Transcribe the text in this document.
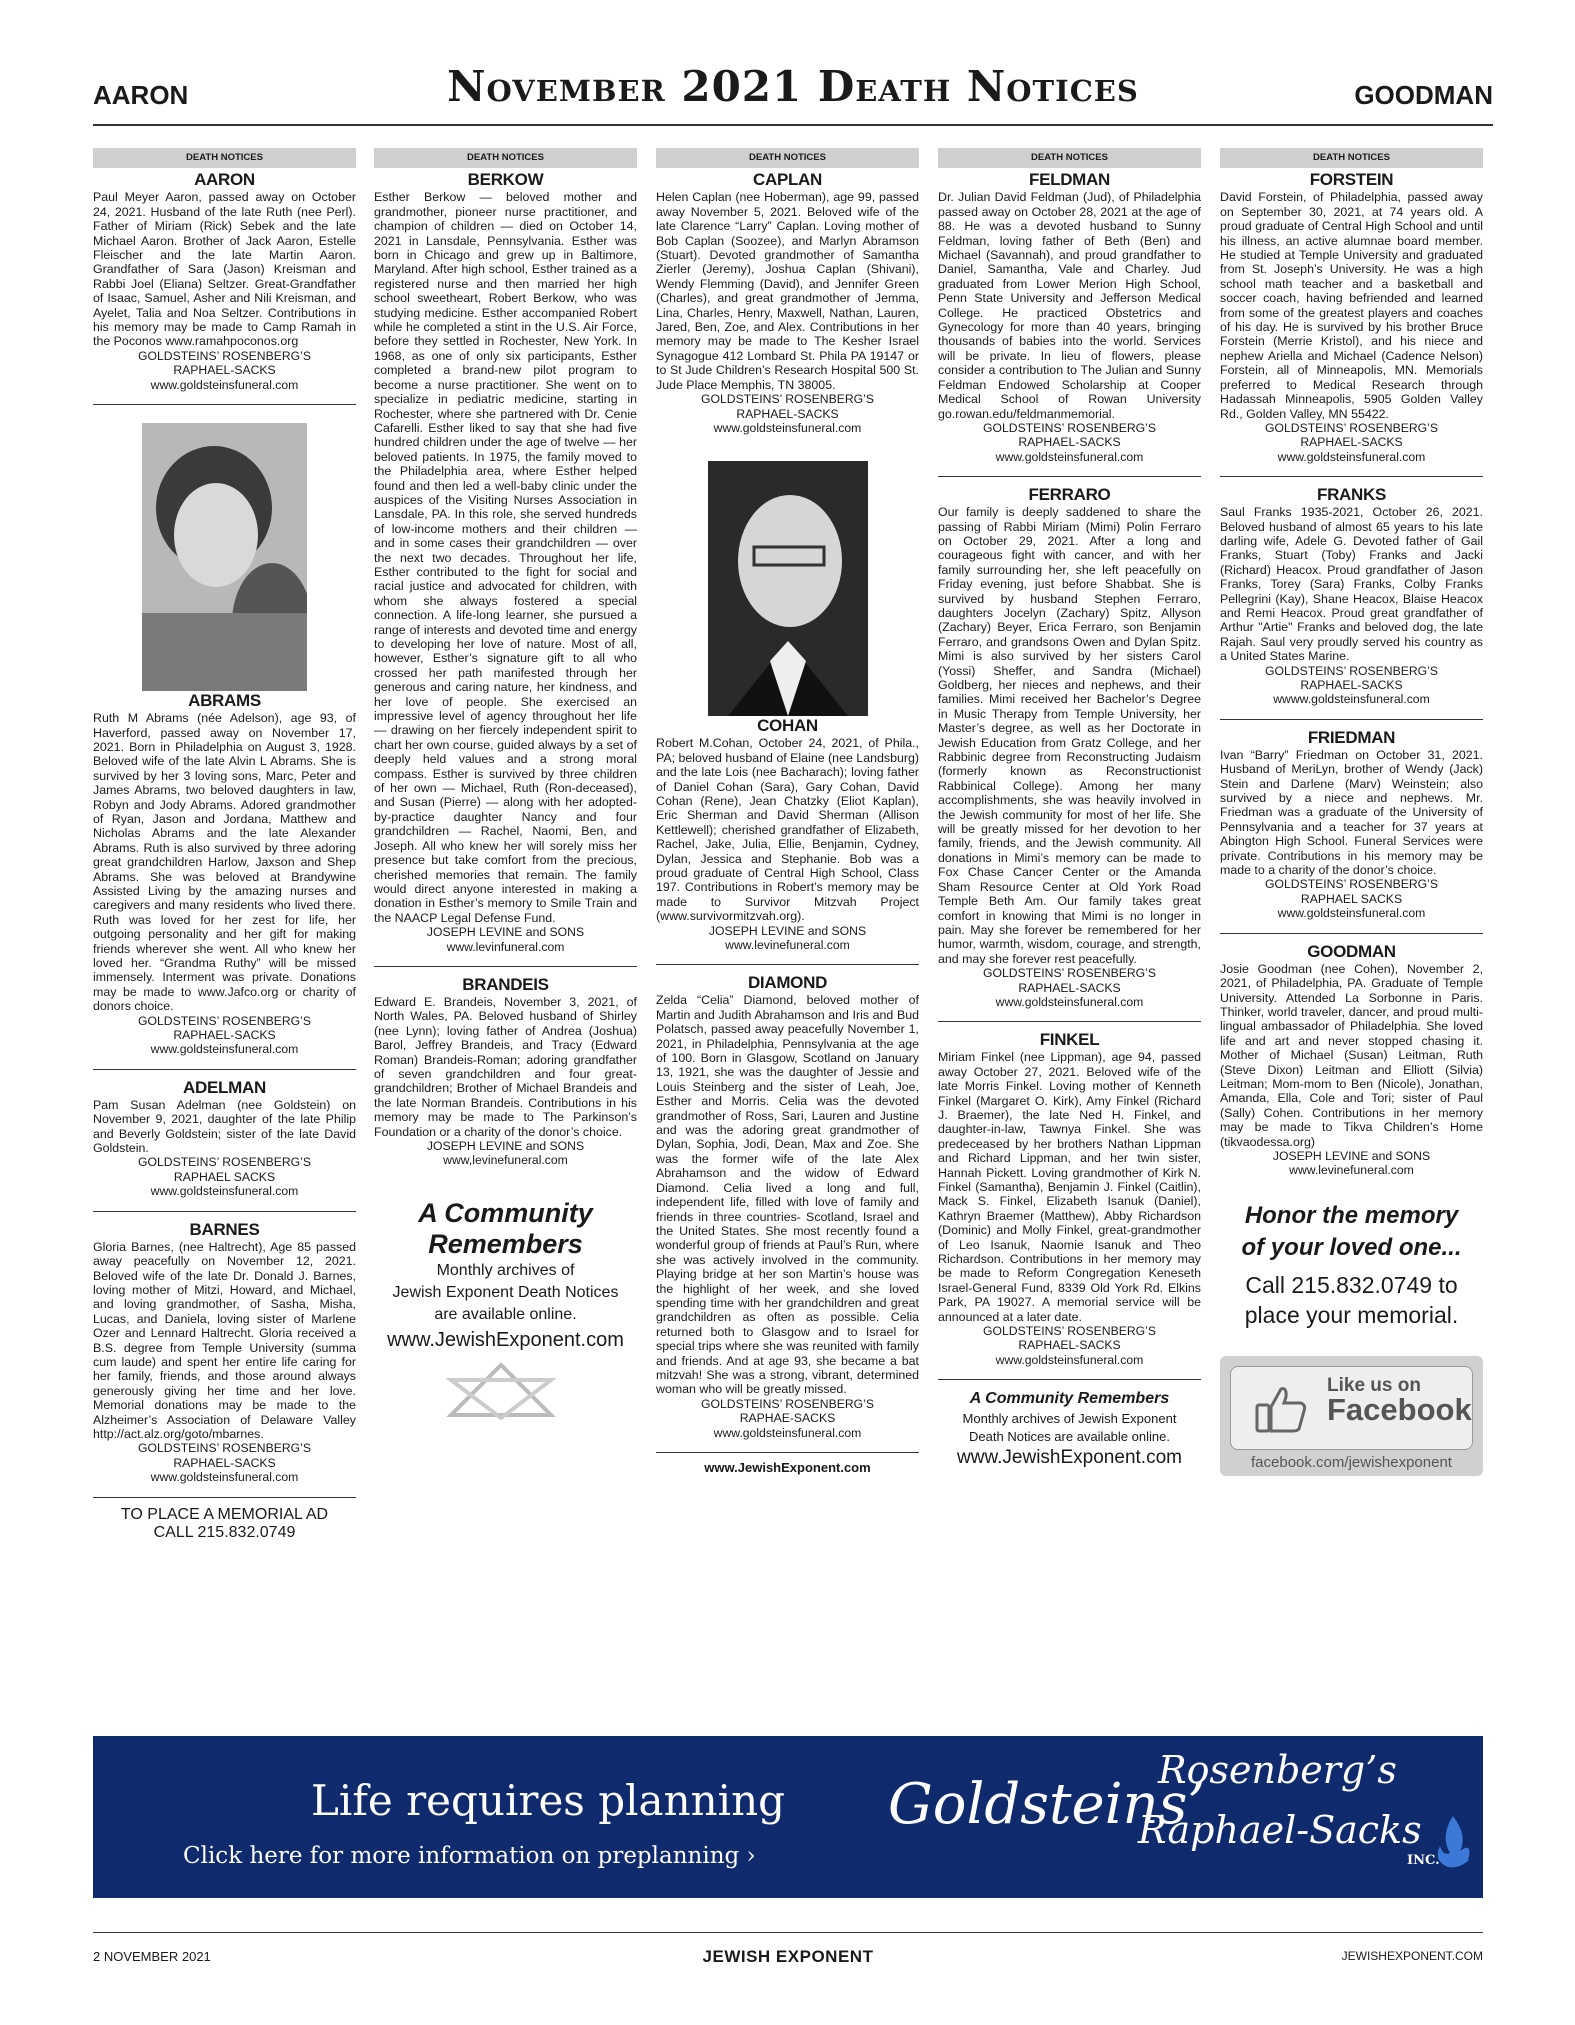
AARON	November 2021 Death Notices	GOODMAN
DEATH NOTICES
AARON
Paul Meyer Aaron, passed away on October 24, 2021. Husband of the late Ruth (nee Perl). Father of Miriam (Rick) Sebek and the late Michael Aaron. Brother of Jack Aaron, Estelle Fleischer and the late Martin Aaron. Grandfather of Sara (Jason) Kreisman and Rabbi Joel (Eliana) Seltzer. Great-Grandfather of Isaac, Samuel, Asher and Nili Kreisman, and Ayelet, Talia and Noa Seltzer. Contributions in his memory may be made to Camp Ramah in the Poconos www.ramahpoconos.org
GOLDSTEINS’ ROSENBERG’S
RAPHAEL-SACKS
www.goldsteinsfuneral.com
ABRAMS
Ruth M Abrams (née Adelson), age 93, of Haverford, passed away on November 17, 2021. Born in Philadelphia on August 3, 1928. Beloved wife of the late Alvin L Abrams. She is survived by her 3 loving sons, Marc, Peter and James Abrams, two beloved daughters in law, Robyn and Jody Abrams. Adored grandmother of Ryan, Jason and Jordana, Matthew and Nicholas Abrams and the late Alexander Abrams. Ruth is also survived by three adoring great grandchildren Harlow, Jaxson and Shep Abrams. She was beloved at Brandywine Assisted Living by the amazing nurses and caregivers and many residents who lived there. Ruth was loved for her zest for life, her outgoing personality and her gift for making friends wherever she went. All who knew her loved her. “Grandma Ruthy” will be missed immensely. Interment was private. Donations may be made to www.Jafco.org or charity of donors choice.
GOLDSTEINS’ ROSENBERG’S
RAPHAEL-SACKS
www.goldsteinsfuneral.com
ADELMAN
Pam Susan Adelman (nee Goldstein) on November 9, 2021, daughter of the late Philip and Beverly Goldstein; sister of the late David Goldstein.
GOLDSTEINS’ ROSENBERG’S
RAPHAEL SACKS
www.goldsteinsfuneral.com
BARNES
Gloria Barnes, (nee Haltrecht), Age 85 passed away peacefully on November 12, 2021. Beloved wife of the late Dr. Donald J. Barnes, loving mother of Mitzi, Howard, and Michael, and loving grandmother, of Sasha, Misha, Lucas, and Daniela, loving sister of Marlene Ozer and Lennard Haltrecht. Gloria received a B.S. degree from Temple University (summa cum laude) and spent her entire life caring for her family, friends, and those around always generously giving her time and her love. Memorial donations may be made to the Alzheimer’s Association of Delaware Valley http://act.alz.org/goto/mbarnes.
GOLDSTEINS’ ROSENBERG’S
RAPHAEL-SACKS
www.goldsteinsfuneral.com
TO PLACE A MEMORIAL AD
CALL 215.832.0749
DEATH NOTICES
BERKOW
Esther Berkow — beloved mother and grandmother, pioneer nurse practitioner, and champion of children — died on October 14, 2021 in Lansdale, Pennsylvania. Esther was born in Chicago and grew up in Baltimore, Maryland. After high school, Esther trained as a registered nurse and then married her high school sweetheart, Robert Berkow, who was studying medicine. Esther accompanied Robert while he completed a stint in the U.S. Air Force, before they settled in Rochester, New York. In 1968, as one of only six participants, Esther completed a brand-new pilot program to become a nurse practitioner. She went on to specialize in pediatric medicine, starting in Rochester, where she partnered with Dr. Cenie Cafarelli. Esther liked to say that she had five hundred children under the age of twelve — her beloved patients. In 1975, the family moved to the Philadelphia area, where Esther helped found and then led a well-baby clinic under the auspices of the Visiting Nurses Association in Lansdale, PA. In this role, she served hundreds of low-income mothers and their children — and in some cases their grandchildren — over the next two decades. Throughout her life, Esther contributed to the fight for social and racial justice and advocated for children, with whom she always fostered a special connection. A life-long learner, she pursued a range of interests and devoted time and energy to developing her love of nature. Most of all, however, Esther’s signature gift to all who crossed her path manifested through her generous and caring nature, her kindness, and her love of people. She exercised an impressive level of agency throughout her life — drawing on her fiercely independent spirit to chart her own course, guided always by a set of deeply held values and a strong moral compass. Esther is survived by three children of her own — Michael, Ruth (Ron-deceased), and Susan (Pierre) — along with her adopted-by-practice daughter Nancy and four grandchildren — Rachel, Naomi, Ben, and Joseph. All who knew her will sorely miss her presence but take comfort from the precious, cherished memories that remain. The family would direct anyone interested in making a donation in Esther’s memory to Smile Train and the NAACP Legal Defense Fund.
JOSEPH LEVINE and SONS
www.levinfuneral.com
BRANDEIS
Edward E. Brandeis, November 3, 2021, of North Wales, PA. Beloved husband of Shirley (nee Lynn); loving father of Andrea (Joshua) Barol, Jeffrey Brandeis, and Tracy (Edward Roman) Brandeis-Roman; adoring grandfather of seven grandchildren and four great-grandchildren; Brother of Michael Brandeis and the late Norman Brandeis. Contributions in his memory may be made to The Parkinson’s Foundation or a charity of the donor’s choice.
JOSEPH LEVINE and SONS
www,levinefuneral.com
A Community
Remembers
Monthly archives of
Jewish Exponent Death Notices
are available online.
www.JewishExponent.com
DEATH NOTICES
CAPLAN
Helen Caplan (nee Hoberman), age 99, passed away November 5, 2021. Beloved wife of the late Clarence “Larry” Caplan. Loving mother of Bob Caplan (Soozee), and Marlyn Abramson (Stuart). Devoted grandmother of Samantha Zierler (Jeremy), Joshua Caplan (Shivani), Wendy Flemming (David), and Jennifer Green (Charles), and great grandmother of Jemma, Lina, Charles, Henry, Maxwell, Nathan, Lauren, Jared, Ben, Zoe, and Alex. Contributions in her memory may be made to The Kesher Israel Synagogue 412 Lombard St. Phila PA 19147 or to St Jude Children’s Research Hospital 500 St. Jude Place Memphis, TN 38005.
GOLDSTEINS’ ROSENBERG’S
RAPHAEL-SACKS
www.goldsteinsfuneral.com
COHAN
Robert M.Cohan, October 24, 2021, of Phila., PA; beloved husband of Elaine (nee Landsburg) and the late Lois (nee Bacharach); loving father of Daniel Cohan (Sara), Gary Cohan, David Cohan (Rene), Jean Chatzky (Eliot Kaplan), Eric Sherman and David Sherman (Allison Kettlewell); cherished grandfather of Elizabeth, Rachel, Jake, Julia, Ellie, Benjamin, Cydney, Dylan, Jessica and Stephanie. Bob was a proud graduate of Central High School, Class 197. Contributions in Robert’s memory may be made to Survivor Mitzvah Project (www.survivormitzvah.org).
JOSEPH LEVINE and SONS
www.levinefuneral.com
DIAMOND
Zelda “Celia” Diamond, beloved mother of Martin and Judith Abrahamson and Iris and Bud Polatsch, passed away peacefully November 1, 2021, in Philadelphia, Pennsylvania at the age of 100. Born in Glasgow, Scotland on January 13, 1921, she was the daughter of Jessie and Louis Steinberg and the sister of Leah, Joe, Esther and Morris. Celia was the devoted grandmother of Ross, Sari, Lauren and Justine and was the adoring great grandmother of Dylan, Sophia, Jodi, Dean, Max and Zoe. She was the former wife of the late Alex Abrahamson and the widow of Edward Diamond. Celia lived a long and full, independent life, filled with love of family and friends in three countries- Scotland, Israel and the United States. She most recently found a wonderful group of friends at Paul’s Run, where she was actively involved in the community. Playing bridge at her son Martin’s house was the highlight of her week, and she loved spending time with her grandchildren and great grandchildren as often as possible. Celia returned both to Glasgow and to Israel for special trips where she was reunited with family and friends. And at age 93, she became a bat mitzvah! She was a strong, vibrant, determined woman who will be greatly missed.
GOLDSTEINS’ ROSENBERG’S
RAPHAE-SACKS
www.goldsteinsfuneral.com
www.JewishExponent.com
DEATH NOTICES
FELDMAN
Dr. Julian David Feldman (Jud), of Philadelphia passed away on October 28, 2021 at the age of 88. He was a devoted husband to Sunny Feldman, loving father of Beth (Ben) and Michael (Savannah), and proud grandfather to Daniel, Samantha, Vale and Charley. Jud graduated from Lower Merion High School, Penn State University and Jefferson Medical College. He practiced Obstetrics and Gynecology for more than 40 years, bringing thousands of babies into the world. Services will be private. In lieu of flowers, please consider a contribution to The Julian and Sunny Feldman Endowed Scholarship at Cooper Medical School of Rowan University go.rowan.edu/feldmanmemorial.
GOLDSTEINS’ ROSENBERG’S
RAPHAEL-SACKS
www.goldsteinsfuneral.com
FERRARO
Our family is deeply saddened to share the passing of Rabbi Miriam (Mimi) Polin Ferraro on October 29, 2021. After a long and courageous fight with cancer, and with her family surrounding her, she left peacefully on Friday evening, just before Shabbat. She is survived by husband Stephen Ferraro, daughters Jocelyn (Zachary) Spitz, Allyson (Zachary) Beyer, Erica Ferraro, son Benjamin Ferraro, and grandsons Owen and Dylan Spitz. Mimi is also survived by her sisters Carol (Yossi) Sheffer, and Sandra (Michael) Goldberg, her nieces and nephews, and their families. Mimi received her Bachelor’s Degree in Music Therapy from Temple University, her Master’s degree, as well as her Doctorate in Jewish Education from Gratz College, and her Rabbinic degree from Reconstructing Judaism (formerly known as Reconstructionist Rabbinical College). Among her many accomplishments, she was heavily involved in the Jewish community for most of her life. She will be greatly missed for her devotion to her family, friends, and the Jewish community. All donations in Mimi’s memory can be made to Fox Chase Cancer Center or the Amanda Sham Resource Center at Old York Road Temple Beth Am. Our family takes great comfort in knowing that Mimi is no longer in pain. May she forever be remembered for her humor, warmth, wisdom, courage, and strength, and may she forever rest peacefully.
GOLDSTEINS’ ROSENBERG’S
RAPHAEL-SACKS
www.goldsteinsfuneral.com
FINKEL
Miriam Finkel (nee Lippman), age 94, passed away October 27, 2021. Beloved wife of the late Morris Finkel. Loving mother of Kenneth Finkel (Margaret O. Kirk), Amy Finkel (Richard J. Braemer), the late Ned H. Finkel, and daughter-in-law, Tawnya Finkel. She was predeceased by her brothers Nathan Lippman and Richard Lippman, and her twin sister, Hannah Pickett. Loving grandmother of Kirk N. Finkel (Samantha), Benjamin J. Finkel (Caitlin), Mack S. Finkel, Elizabeth Isanuk (Daniel), Kathryn Braemer (Matthew), Abby Richardson (Dominic) and Molly Finkel, great-grandmother of Leo Isanuk, Naomie Isanuk and Theo Richardson. Contributions in her memory may be made to Reform Congregation Keneseth Israel-General Fund, 8339 Old York Rd. Elkins Park, PA 19027. A memorial service will be announced at a later date.
GOLDSTEINS’ ROSENBERG’S
RAPHAEL-SACKS
www.goldsteinsfuneral.com
A Community Remembers
Monthly archives of Jewish Exponent
Death Notices are available online.
www.JewishExponent.com
DEATH NOTICES
FORSTEIN
David Forstein, of Philadelphia, passed away on September 30, 2021, at 74 years old. A proud graduate of Central High School and until his illness, an active alumnae board member. He studied at Temple University and graduated from St. Joseph’s University. He was a high school math teacher and a basketball and soccer coach, having befriended and learned from some of the greatest players and coaches of his day. He is survived by his brother Bruce Forstein (Merrie Kristol), and his niece and nephew Ariella and Michael (Cadence Nelson) Forstein, all of Minneapolis, MN. Memorials preferred to Medical Research through Hadassah Minneapolis, 5905 Golden Valley Rd., Golden Valley, MN 55422.
GOLDSTEINS’ ROSENBERG’S
RAPHAEL-SACKS
www.goldsteinsfuneral.com
FRANKS
Saul Franks 1935-2021, October 26, 2021. Beloved husband of almost 65 years to his late darling wife, Adele G. Devoted father of Gail Franks, Stuart (Toby) Franks and Jacki (Richard) Heacox. Proud grandfather of Jason Franks, Torey (Sara) Franks, Colby Franks Pellegrini (Kay), Shane Heacox, Blaise Heacox and Remi Heacox. Proud great grandfather of Arthur "Artie" Franks and beloved dog, the late Rajah. Saul very proudly served his country as a United States Marine.
GOLDSTEINS’ ROSENBERG’S
RAPHAEL-SACKS
wwww.goldsteinsfuneral.com
FRIEDMAN
Ivan “Barry” Friedman on October 31, 2021. Husband of MeriLyn, brother of Wendy (Jack) Stein and Darlene (Marv) Weinstein; also survived by a niece and nephews. Mr. Friedman was a graduate of the University of Pennsylvania and a teacher for 37 years at Abington High School. Funeral Services were private. Contributions in his memory may be made to a charity of the donor’s choice.
GOLDSTEINS’ ROSENBERG’S
RAPHAEL SACKS
www.goldsteinsfuneral.com
GOODMAN
Josie Goodman (nee Cohen), November 2, 2021, of Philadelphia, PA. Graduate of Temple University. Attended La Sorbonne in Paris. Thinker, world traveler, dancer, and proud multi-lingual ambassador of Philadelphia. She loved life and art and never stopped chasing it. Mother of Michael (Susan) Leitman, Ruth (Steve Dixon) Leitman and Elliott (Silvia) Leitman; Mom-mom to Ben (Nicole), Jonathan, Amanda, Ella, Cole and Tori; sister of Paul (Sally) Cohen. Contributions in her memory may be made to Tikva Children’s Home (tikvaodessa.org)
JOSEPH LEVINE and SONS
www.levinefuneral.com
Honor the memory
of your loved one...
Call 215.832.0749 to
place your memorial.
Like us on
Facebook
facebook.com/jewishexponent
Life requires planning
Click here for more information on preplanning ›
Goldsteins’
Rosenberg’s
Raphael-Sacks
INC.
2 NOVEMBER 2021	JEWISH EXPONENT	JEWISHEXPONENT.COM
